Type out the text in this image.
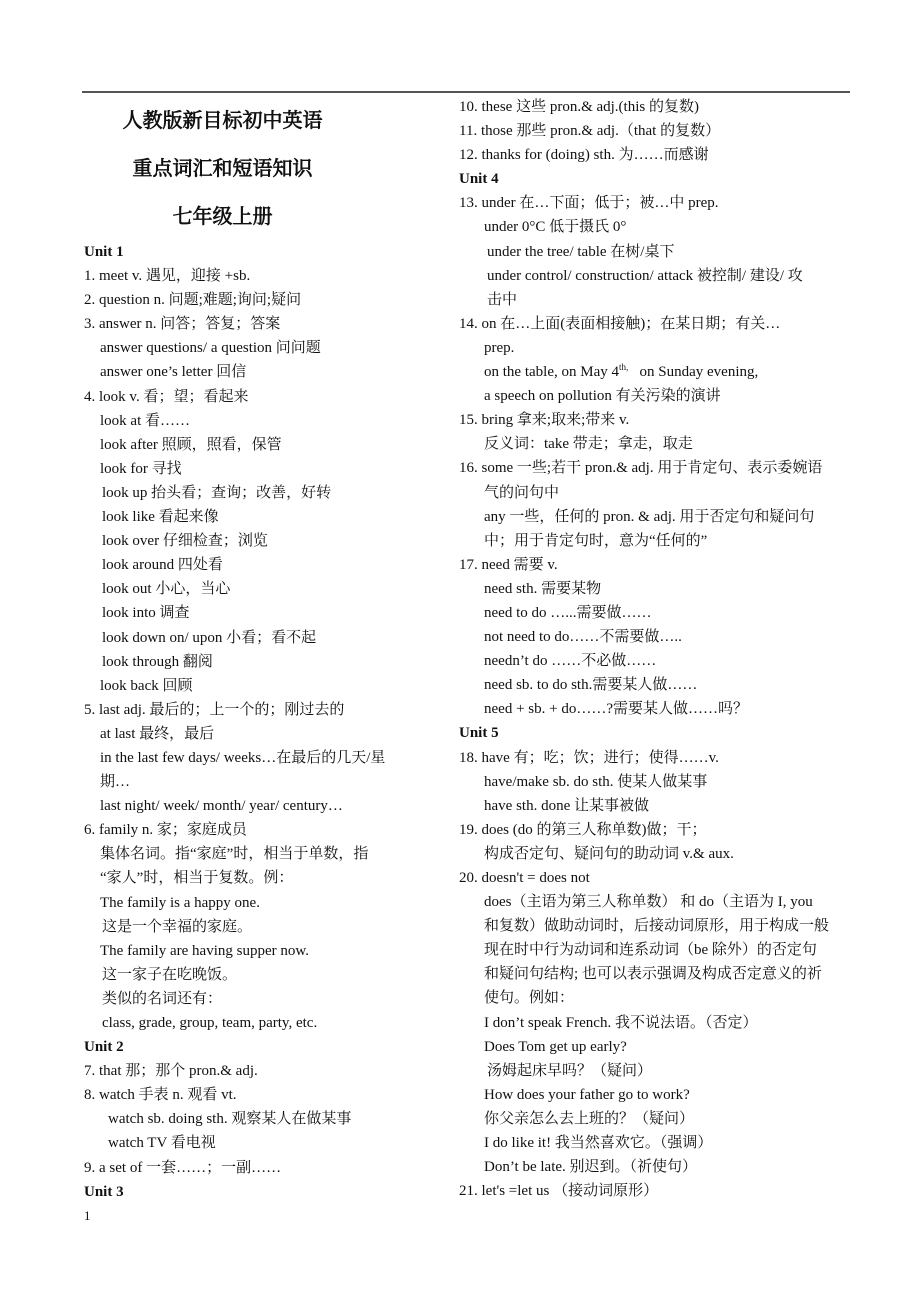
人教版新目标初中英语
重点词汇和短语知识
七年级上册
Unit 1
1. meet v. 遇见，迎接 +sb.
2. question n. 问题;难题;询问;疑问
3. answer n. 问答；答复；答案
answer questions/ a question 问问题
answer one’s letter 回信
4. look v. 看；望；看起来
look at 看……
look after 照顾，照看，保管
look for 寻找
look up 抬头看；查询；改善，好转
look like 看起来像
look over 仔细检查；浏览
look around 四处看
look out 小心，当心
look into 调查
look down on/ upon 小看；看不起
look through 翻阅
look back 回顾
5. last adj. 最后的；上一个的；刚过去的
at last 最终，最后
in the last few days/ weeks…在最后的几天/星
期…
last night/ week/ month/ year/ century…
6. family n. 家；家庭成员
集体名词。指“家庭”时，相当于单数，指
“家人”时，相当于复数。例：
The family is a happy one.
这是一个幸福的家庭。
The family are having supper now.
这一家子在吃晚饭。
类似的名词还有：
class, grade, group, team, party, etc.
Unit 2
7. that 那；那个 pron.& adj.
8. watch 手表 n. 观看 vt.
watch sb. doing sth. 观察某人在做某事
watch TV 看电视
9. a set of 一套……；一副……
Unit 3
10. these 这些 pron.& adj.(this 的复数)
11. those 那些 pron.& adj.（that 的复数）
12. thanks for (doing) sth. 为……而感谢
Unit 4
13. under 在…下面；低于；被…中 prep.
under 0°C 低于摄氏 0°
under the tree/ table 在树/桌下
under control/ construction/ attack 被控制/ 建设/ 攻
击中
14. on 在…上面(表面相接触)；在某日期；有关…
prep.
on the table, on May $4^{th,}$   on Sunday evening,
a speech on pollution 有关污染的演讲
15. bring 拿来;取来;带来 v.
反义词：take 带走；拿走，取走
16. some 一些;若干 pron.& adj. 用于肯定句、表示委婉语
气的问句中
any 一些，任何的 pron. & adj. 用于否定句和疑问句
中；用于肯定句时，意为“任何的”
17. need 需要 v.
need sth. 需要某物
need to do …...需要做……
not need to do……不需要做…..
needn’t do ……不必做……
need sb. to do sth.需要某人做……
need + sb. + do……?需要某人做……吗？
Unit 5
18. have 有；吃；饮；进行；使得……v.
have/make sb. do sth. 使某人做某事
have sth. done 让某事被做
19. does (do 的第三人称单数)做；干；
构成否定句、疑问句的助动词 v.& aux.
20. doesn't = does not
does（主语为第三人称单数） 和 do（主语为 I, you
和复数）做助动词时，后接动词原形，用于构成一般
现在时中行为动词和连系动词（be 除外）的否定句
和疑问句结构; 也可以表示强调及构成否定意义的祈
使句。例如：
I don’t speak French. 我不说法语。（否定）
Does Tom get up early?
汤姆起床早吗？（疑问）
How does your father go to work?
你父亲怎么去上班的？（疑问）
I do like it! 我当然喜欢它。（强调）
Don’t be late. 别迟到。（祈使句）
21. let's =let us （接动词原形）
1
